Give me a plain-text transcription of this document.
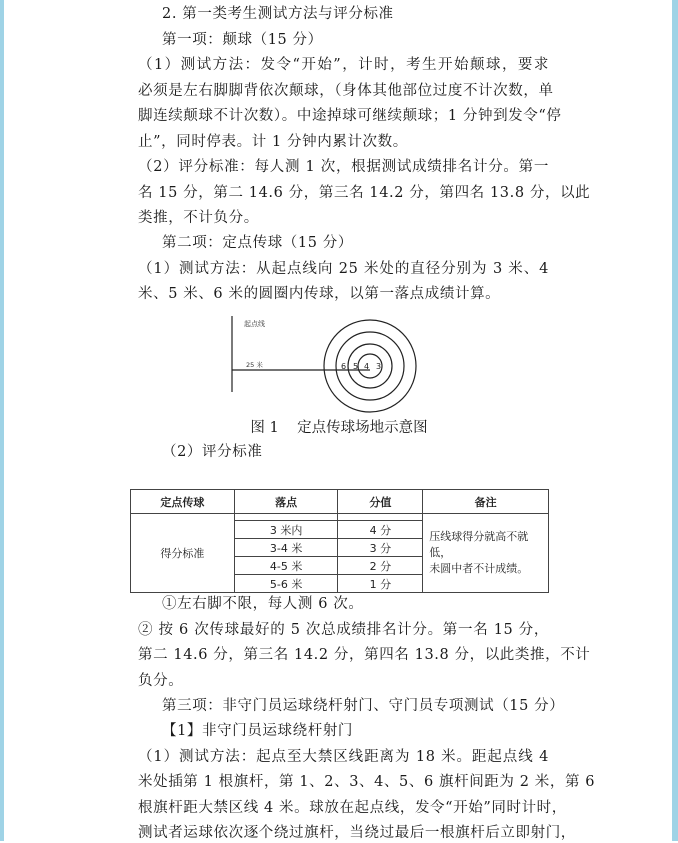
2. 第一类考生测试方法与评分标准
第一项：颠球（15 分）
（1）测试方法：发令“开始”，计时，考生开始颠球，要求
必须是左右脚脚背依次颠球，（身体其他部位过度不计次数，单
脚连续颠球不计次数）。中途掉球可继续颠球；1 分钟到发令“停
止”，同时停表。计 1 分钟内累计次数。
（2）评分标准：每人测 1 次，根据测试成绩排名计分。第一
名 15 分，第二 14.6 分，第三名 14.2 分，第四名 13.8 分，以此
类推，不计负分。
第二项：定点传球（15 分）
（1）测试方法：从起点线向 25 米处的直径分别为 3 米、4
米、5 米、6 米的圆圈内传球，以第一落点成绩计算。
起点线
25 米	6 5 4 3
图 1    定点传球场地示意图
（2）评分标准
定点传球	落点	分值	备注
得分标准			压线球得分就高不就低，
未圆中者不计成绩。

	3 米内	4 分	
	3-4 米	3 分	
	4-5 米	2 分	
	5-6 米	1 分	
①左右脚不限，每人测 6 次。
② 按 6 次传球最好的 5 次总成绩排名计分。第一名 15 分，
第二 14.6 分，第三名 14.2 分，第四名 13.8 分，以此类推，不计
负分。
第三项：非守门员运球绕杆射门、守门员专项测试（15 分）
【1】非守门员运球绕杆射门
（1）测试方法：起点至大禁区线距离为 18 米。距起点线 4
米处插第 1 根旗杆，第 1、2、3、4、5、6 旗杆间距为 2 米，第 6
根旗杆距大禁区线 4 米。球放在起点线，发令“开始”同时计时，
测试者运球依次逐个绕过旗杆，当绕过最后一根旗杆后立即射门，
